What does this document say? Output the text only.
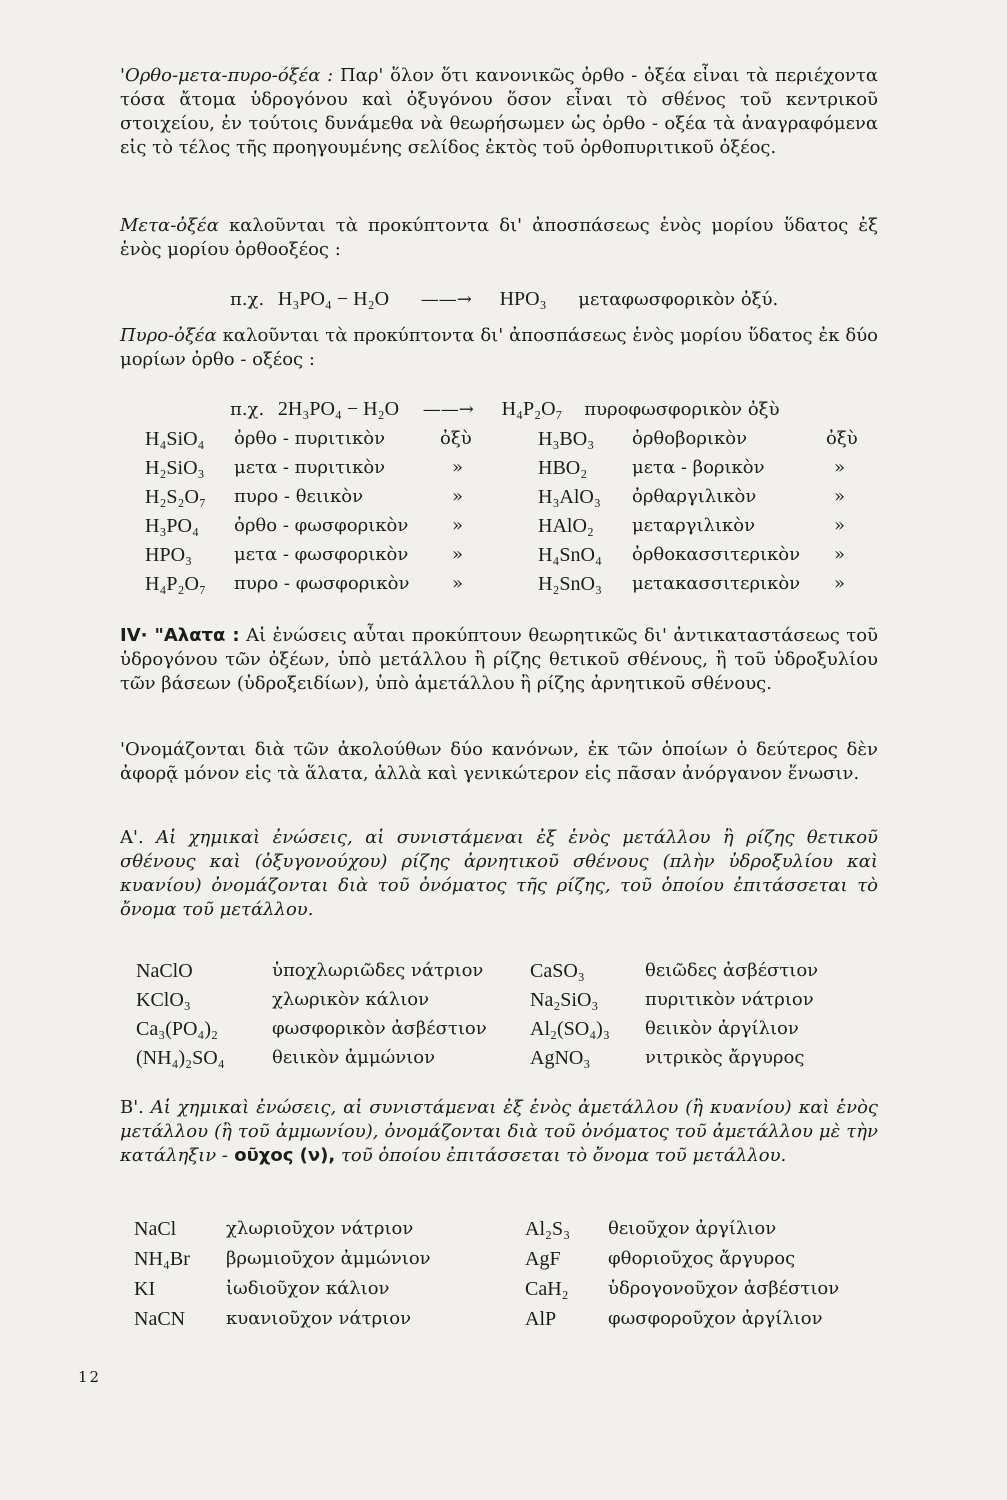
'Ορθο-μετα-πυρο-όξέα : Παρ' ὅλον ὅτι κανονικῶς ὀρθο - ὀξέα εἶναι τὰ περιέχοντα τόσα ἄτομα ὑδρογόνου καὶ ὀξυγόνου ὅσον εἶναι τὸ σθένος τοῦ κεντρικοῦ στοιχείου, ἐν τούτοις δυνάμεθα νὰ θεωρήσωμεν ὡς ὀρθο - οξέα τὰ ἀναγραφόμενα εἰς τὸ τέλος τῆς προηγουμένης σελίδος ἐκτὸς τοῦ ὀρθοπυριτικοῦ ὀξέος.
Μετα-ὀξέα καλοῦνται τὰ προκύπτοντα δι' ἀποσπάσεως ἑνὸς μορίου ὕδατος ἐξ ἑνὸς μορίου ὀρθοοξέος :
π.χ. H₃PO₄ − H₂O ——→ HPO₃ μεταφωσφορικὸν ὀξύ.
Πυρο-ὀξέα καλοῦνται τὰ προκύπτοντα δι' ἀποσπάσεως ἑνὸς μορίου ὕδατος ἐκ δύο μορίων ὀρθο - οξέος :
π.χ. 2H₃PO₄ − H₂O ——→ H₄P₂O₇ πυροφωσφορικὸν ὀξὺ
H₄SiO₄ ὀρθο - πυριτικὸν	ὀξὺ	H₃BO₃ ὀρθοβορικὸν	ὀξὺ
H₂SiO₃ μετα - πυριτικὸν	»	HBO₂ μετα - βορικὸν	»
H₂S₂O₇ πυρο - θειικὸν	»	H₃AlO₃ ὀρθαργιλικὸν	»
H₃PO₄ ὀρθο - φωσφορικὸν »	HAlO₂ μεταργιλικὸν	»
HPO₃ μετα - φωσφορικὸν »	H₄SnO₄ ὀρθοκασσιτερικὸν »
H₄P₂O₇ πυρο - φωσφορικὸν »	H₂SnO₃ μετακασσιτερικὸν »
IV· "Αλατα : Αἱ ἐνώσεις αὗται προκύπτουν θεωρητικῶς δι' ἀντικαταστάσεως τοῦ ὑδρογόνου τῶν ὀξέων, ὑπὸ μετάλλου ἢ ρίζης θετικοῦ σθένους, ἢ τοῦ ὑδροξυλίου τῶν βάσεων (ὑδροξειδίων), ὑπὸ ἀμετάλλου ἢ ρίζης ἀρνητικοῦ σθένους.
'Ονομάζονται διὰ τῶν ἀκολούθων δύο κανόνων, ἐκ τῶν ὁποίων ὁ δεύτερος δὲν ἀφορᾷ μόνον εἰς τὰ ἅλατα, ἀλλὰ καὶ γενικώτερον εἰς πᾶσαν ἀνόργανον ἕνωσιν.
Α'. Αἱ χημικαὶ ἐνώσεις, αἱ συνιστάμεναι ἐξ ἑνὸς μετάλλου ἢ ρίζης θετικοῦ σθένους καὶ (ὀξυγονούχου) ρίζης ἀρνητικοῦ σθένους (πλὴν ὑδροξυλίου καὶ κυανίου) ὀνομάζονται διὰ τοῦ ὀνόματος τῆς ρίζης, τοῦ ὁποίου ἐπιτάσσεται τὸ ὄνομα τοῦ μετάλλου.
NaClO	ὑποχλωριῶδες νάτριον CaSO₃	θειῶδες ἀσβέστιον
KClO₃	χλωρικὸν κάλιον	Na₂SiO₃	πυριτικὸν νάτριον
Ca₃(PO₄)₂	φωσφορικὸν ἀσβέστιον Al₂(SO₄)₃ θειικὸν ἀργίλιον
(NH₄)₂SO₄	θειικὸν ἀμμώνιον	AgNO₃	νιτρικὸς ἄργυρος
Β'. Αἱ χημικαὶ ἐνώσεις, αἱ συνιστάμεναι ἐξ ἑνὸς ἀμετάλλου (ἢ κυανίου) καὶ ἑνὸς μετάλλου (ἢ τοῦ ἀμμωνίου), ὀνομάζονται διὰ τοῦ ὀνόματος τοῦ ἀμετάλλου μὲ τὴν κατάληξιν - οῦχος (ν), τοῦ ὁποίου ἐπιτάσσεται τὸ ὄνομα τοῦ μετάλλου.
NaCl	χλωριοῦχον νάτριον	Al₂S₃ θειοῦχον ἀργίλιον
NH₄Br βρωμιοῦχον ἀμμώνιον	AgF	φθοριοῦχος ἄργυρος
KI	ἰωδιοῦχον κάλιον	CaH₂ ὑδρογονοῦχον ἀσβέστιον
NaCN κυανιοῦχον νάτριον	AlP	φωσφοροῦχον ἀργίλιον
12
